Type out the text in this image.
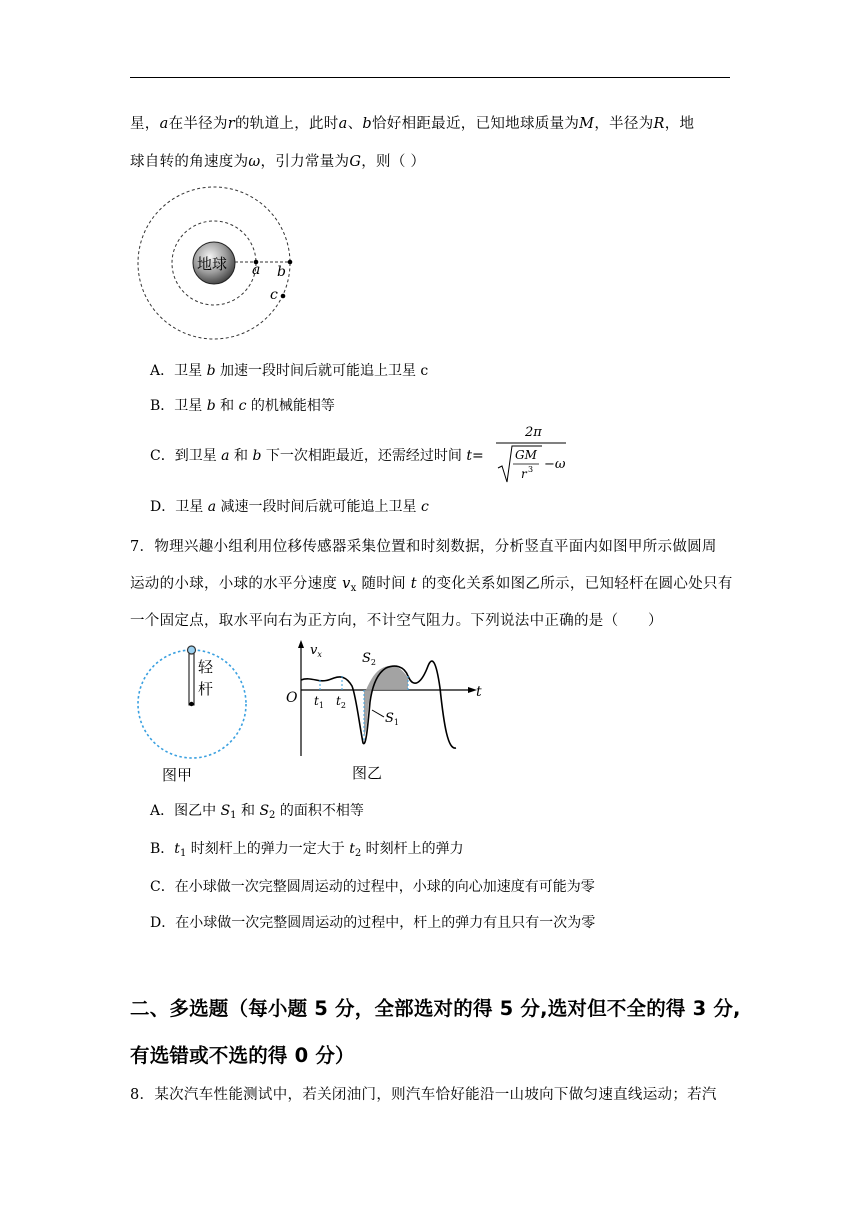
星，a在半径为r的轨道上，此时a、b恰好相距最近，已知地球质量为M，半径为R，地
球自转的角速度为ω，引力常量为G，则（ ）
地球 a b
c
A．卫星 b 加速一段时间后就可能追上卫星 c
B．卫星 b 和 c 的机械能相等
C．到卫星 a 和 b 下一次相距最近，还需经过时间 t=
2π
GM
r 3 −ω
D．卫星 a 减速一段时间后就可能追上卫星 c
7．物理兴趣小组利用位移传感器采集位置和时刻数据，分析竖直平面内如图甲所示做圆周
运动的小球，小球的水平分速度 $v_x$ 随时间 t 的变化关系如图乙所示，已知轻杆在圆心处只有
一个固定点，取水平向右为正方向，不计空气阻力。下列说法中正确的是（　　）
轻
杆
图甲
$v_x$
t
O $t_1$ $t_2$
$S_2$
$S_1$
图乙
A．图乙中 $S_1$ 和 $S_2$ 的面积不相等
B．$t_1$ 时刻杆上的弹力一定大于 $t_2$ 时刻杆上的弹力
C．在小球做一次完整圆周运动的过程中，小球的向心加速度有可能为零
D．在小球做一次完整圆周运动的过程中，杆上的弹力有且只有一次为零
二、多选题（每小题 5 分，全部选对的得 5 分,选对但不全的得 3 分,
有选错或不选的得 0 分）
8．某次汽车性能测试中，若关闭油门，则汽车恰好能沿一山坡向下做匀速直线运动；若汽
